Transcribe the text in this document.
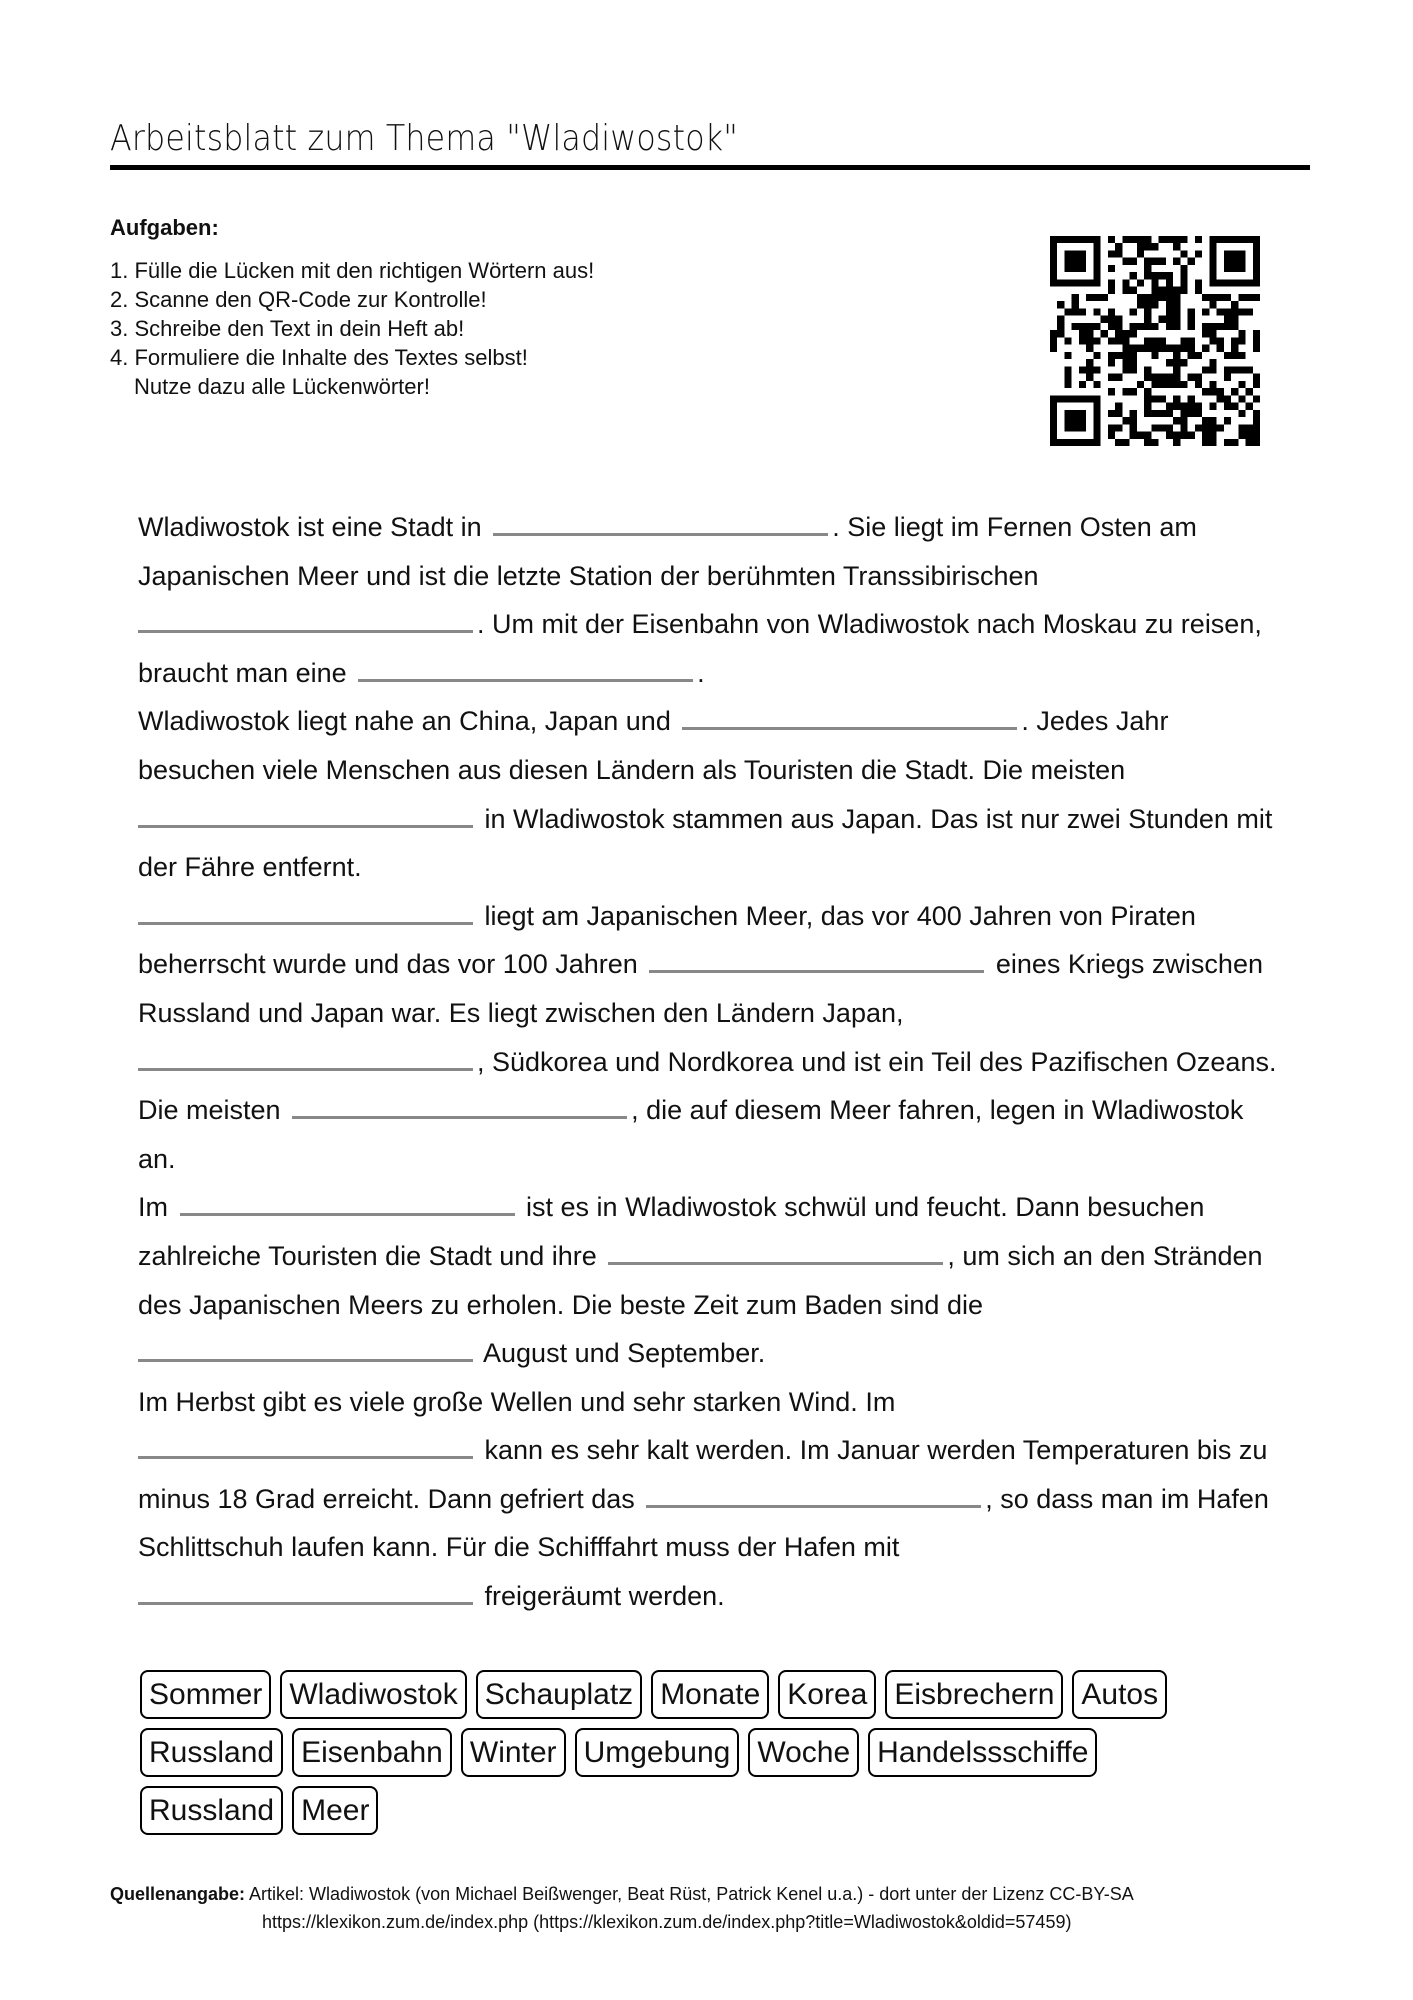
Arbeitsblatt zum Thema "Wladiwostok"
Aufgaben:
1. Fülle die Lücken mit den richtigen Wörtern aus!
2. Scanne den QR-Code zur Kontrolle!
3. Schreibe den Text in dein Heft ab!
4. Formuliere die Inhalte des Textes selbst!
Nutze dazu alle Lückenwörter!

Wladiwostok ist eine Stadt in	. Sie liegt im Fernen Osten am Japanischen Meer und ist die letzte Station der berühmten Transsibirischen
. Um mit der Eisenbahn von Wladiwostok nach Moskau zu reisen, braucht man eine	.

Wladiwostok liegt nahe an China, Japan und	. Jedes Jahr besuchen viele Menschen aus diesen Ländern als Touristen die Stadt. Die meisten
in Wladiwostok stammen aus Japan. Das ist nur zwei Stunden mit der Fähre entfernt.

liegt am Japanischen Meer, das vor 400 Jahren von Piraten beherrscht wurde und das vor 100 Jahren	eines Kriegs zwischen Russland und Japan war. Es liegt zwischen den Ländern Japan,
, Südkorea und Nordkorea und ist ein Teil des Pazifischen Ozeans. Die meisten	, die auf diesem Meer fahren, legen in Wladiwostok an.

Im	ist es in Wladiwostok schwül und feucht. Dann besuchen zahlreiche Touristen die Stadt und ihre	, um sich an den Stränden des Japanischen Meers zu erholen. Die beste Zeit zum Baden sind die
August und September.

Im Herbst gibt es viele große Wellen und sehr starken Wind. Im
kann es sehr kalt werden. Im Januar werden Temperaturen bis zu minus 18 Grad erreicht. Dann gefriert das	, so dass man im Hafen Schlittschuh laufen kann. Für die Schifffahrt muss der Hafen mit
freigeräumt werden.

Sommer Wladiwostok Schauplatz Monate Korea Eisbrechern Autos
Russland Eisenbahn Winter Umgebung Woche Handelssschiffe
Russland Meer
Quellenangabe: Artikel: Wladiwostok (von Michael Beißwenger, Beat Rüst, Patrick Kenel u.a.) - dort unter der Lizenz CC-BY-SA
https://klexikon.zum.de/index.php (https://klexikon.zum.de/index.php?title=Wladiwostok&oldid=57459)
